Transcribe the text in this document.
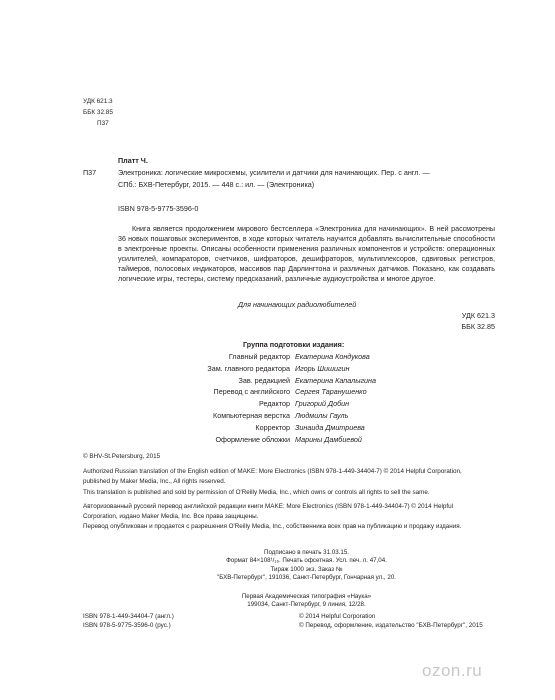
УДК 621.3
ББК 32.85
П37
Платт Ч.
П37	Электроника: логические микросхемы, усилители и датчики для начинающих. Пер. с англ. —
СПб.: БХВ-Петербург, 2015. — 448 с.: ил. — (Электроника)
ISBN 978-5-9775-3596-0
Книга является продолжением мирового бестселлера «Электроника для начинающих». В ней рассмотрены 36 новых пошаговых экспериментов, в ходе которых читатель научится добавлять вычислительные способности в электронные проекты. Описаны особенности применения различных компонентов и устройств: операционных усилителей, компараторов, счетчиков, шифраторов, дешифраторов, мультиплексоров, сдвиговых регистров, таймеров, полосовых индикаторов, массивов пар Дарлингтона и различных датчиков. Показано, как создавать логические игры, тестеры, систему предсказаний, различные аудиоустройства и многое другое.
Для начинающих радиолюбителей
УДК 621.3
ББК 32.85
Группа подготовки издания:
Главный редактор Екатерина Кондукова
Зам. главного редактора Игорь Шишигин
Зав. редакцией Екатерина Капалыгина
Перевод с английского Сергея Таранушенко
Редактор Григорий Добин
Компьютерная верстка Людмилы Гауль
Корректор Зинаида Дмитриева
Оформление обложки Марины Дамбиевой
© BHV-St.Petersburg, 2015
Authorized Russian translation of the English edition of MAKE: More Electronics (ISBN 978-1-449-34404-7) © 2014 Helpful Corporation,
published by Maker Media, Inc., All rights reserved.
This translation is published and sold by permission of O'Reilly Media, Inc., which owns or controls all rights to sell the same.
Авторизованный русский перевод английской редакции книги MAKE: More Electronics (ISBN 978-1-449-34404-7) © 2014 Helpful
Corporation, издано Maker Media, Inc. Все права защищены.
Перевод опубликован и продается с разрешения O'Reilly Media, Inc., собственника всех прав на публикацию и продажу издания.
Подписано в печать 31.03.15.
Формат 84×108¹/₁₆. Печать офсетная. Усл. печ. л. 47,04.
Тираж 1000 экз. Заказ №
"БХВ-Петербург", 191036, Санкт-Петербург, Гончарная ул., 20.
Первая Академическая типография «Наука»
199034, Санкт-Петербург, 9 линия, 12/28.
ISBN 978-1-449-34404-7 (англ.)
ISBN 978-5-9775-3596-0 (рус.)
© 2014 Helpful Corporation
© Перевод, оформление, издательство "БХВ-Петербург", 2015
ozon.ru
